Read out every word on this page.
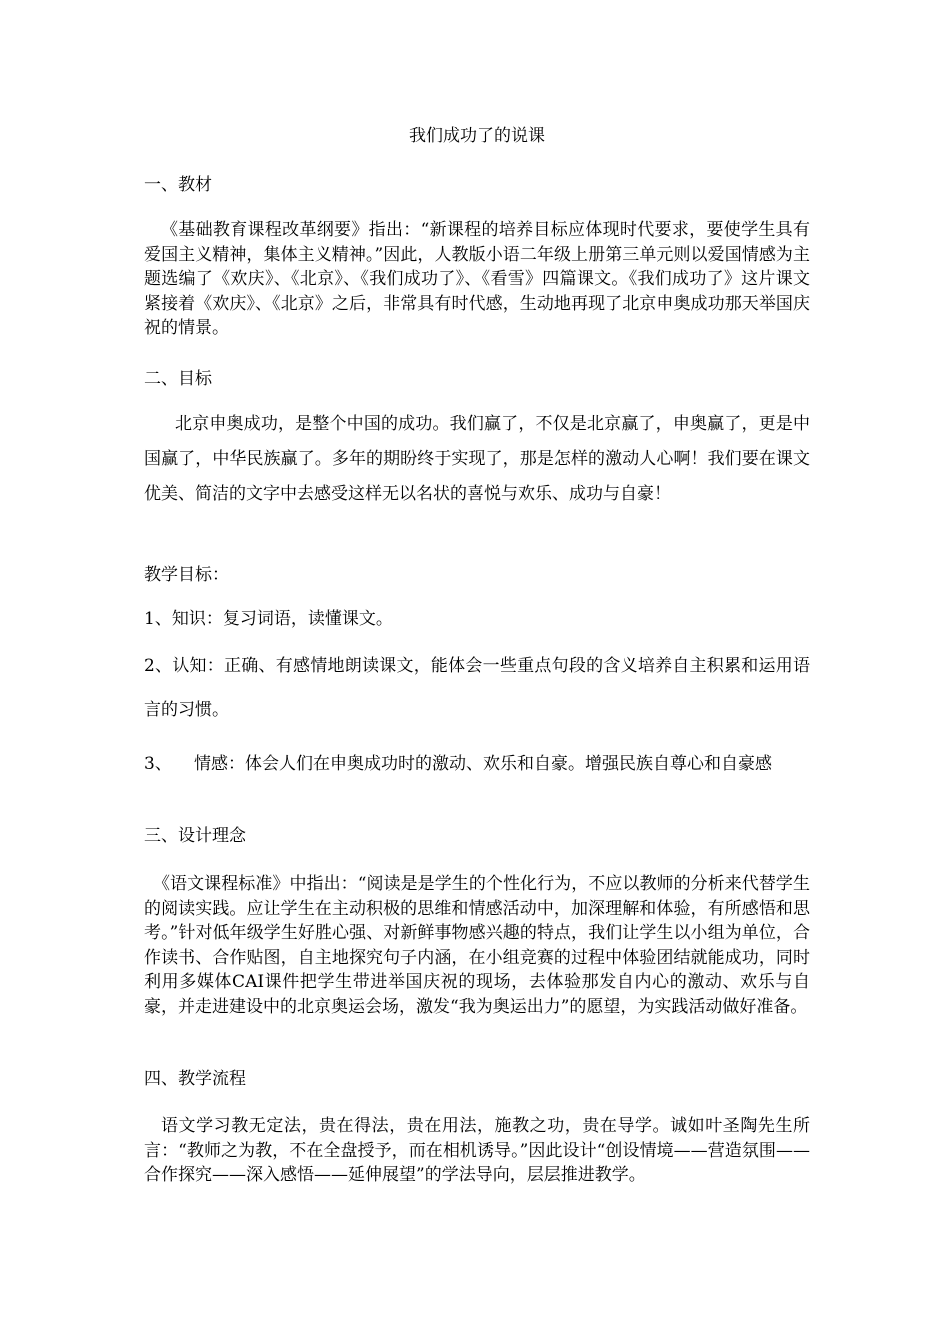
我们成功了的说课
一、教材
《基础教育课程改革纲要》指出：“新课程的培养目标应体现时代要求，要使学生具有爱国主义精神，集体主义精神。”因此，人教版小语二年级上册第三单元则以爱国情感为主题选编了《欢庆》、《北京》、《我们成功了》、《看雪》四篇课文。《我们成功了》这片课文紧接着《欢庆》、《北京》之后，非常具有时代感，生动地再现了北京申奥成功那天举国庆祝的情景。
二、目标
北京申奥成功，是整个中国的成功。我们赢了，不仅是北京赢了，申奥赢了，更是中国赢了，中华民族赢了。多年的期盼终于实现了，那是怎样的激动人心啊！我们要在课文优美、简洁的文字中去感受这样无以名状的喜悦与欢乐、成功与自豪！
教学目标：
1、知识：复习词语，读懂课文。
2、认知：正确、有感情地朗读课文，能体会一些重点句段的含义培养自主积累和运用语言的习惯。
3、 情感：体会人们在申奥成功时的激动、欢乐和自豪。增强民族自尊心和自豪感
三、设计理念
《语文课程标准》中指出：“阅读是是学生的个性化行为，不应以教师的分析来代替学生的阅读实践。应让学生在主动积极的思维和情感活动中，加深理解和体验，有所感悟和思考。”针对低年级学生好胜心强、对新鲜事物感兴趣的特点，我们让学生以小组为单位，合作读书、合作贴图，自主地探究句子内涵，在小组竞赛的过程中体验团结就能成功，同时利用多媒体CAI课件把学生带进举国庆祝的现场，去体验那发自内心的激动、欢乐与自豪，并走进建设中的北京奥运会场，激发“我为奥运出力”的愿望，为实践活动做好准备。
四、教学流程
语文学习教无定法，贵在得法，贵在用法，施教之功，贵在导学。诚如叶圣陶先生所言：“教师之为教，不在全盘授予，而在相机诱导。”因此设计“创设情境——营造氛围——合作探究——深入感悟——延伸展望”的学法导向，层层推进教学。
